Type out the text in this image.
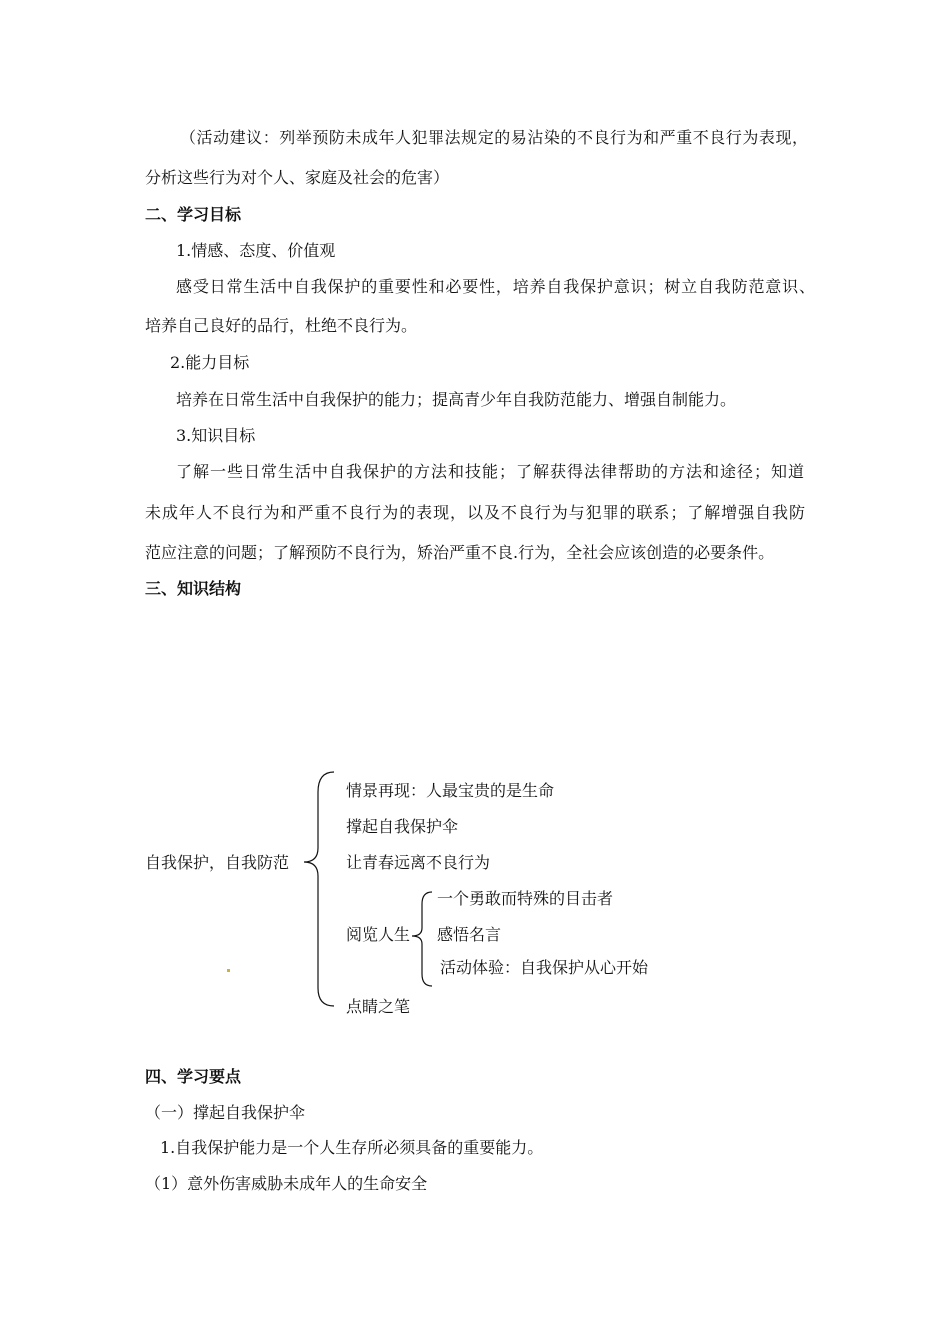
（活动建议：列举预防未成年人犯罪法规定的易沾染的不良行为和严重不良行为表现，
分析这些行为对个人、家庭及社会的危害）
二、学习目标
1.情感、态度、价值观
感受日常生活中自我保护的重要性和必要性，培养自我保护意识；树立自我防范意识、
培养自己良好的品行，杜绝不良行为。
2.能力目标
培养在日常生活中自我保护的能力；提高青少年自我防范能力、增强自制能力。
3.知识目标
了解一些日常生活中自我保护的方法和技能；了解获得法律帮助的方法和途径；知道
未成年人不良行为和严重不良行为的表现，以及不良行为与犯罪的联系；了解增强自我防
范应注意的问题；了解预防不良行为，矫治严重不良.行为，全社会应该创造的必要条件。
三、知识结构
自我保护，自我防范
情景再现：人最宝贵的是生命
撑起自我保护伞
让青春远离不良行为
阅览人生
点睛之笔
一个勇敢而特殊的目击者
感悟名言
活动体验：自我保护从心开始
四、学习要点
（一）撑起自我保护伞
1.自我保护能力是一个人生存所必须具备的重要能力。
（1）意外伤害威胁未成年人的生命安全
